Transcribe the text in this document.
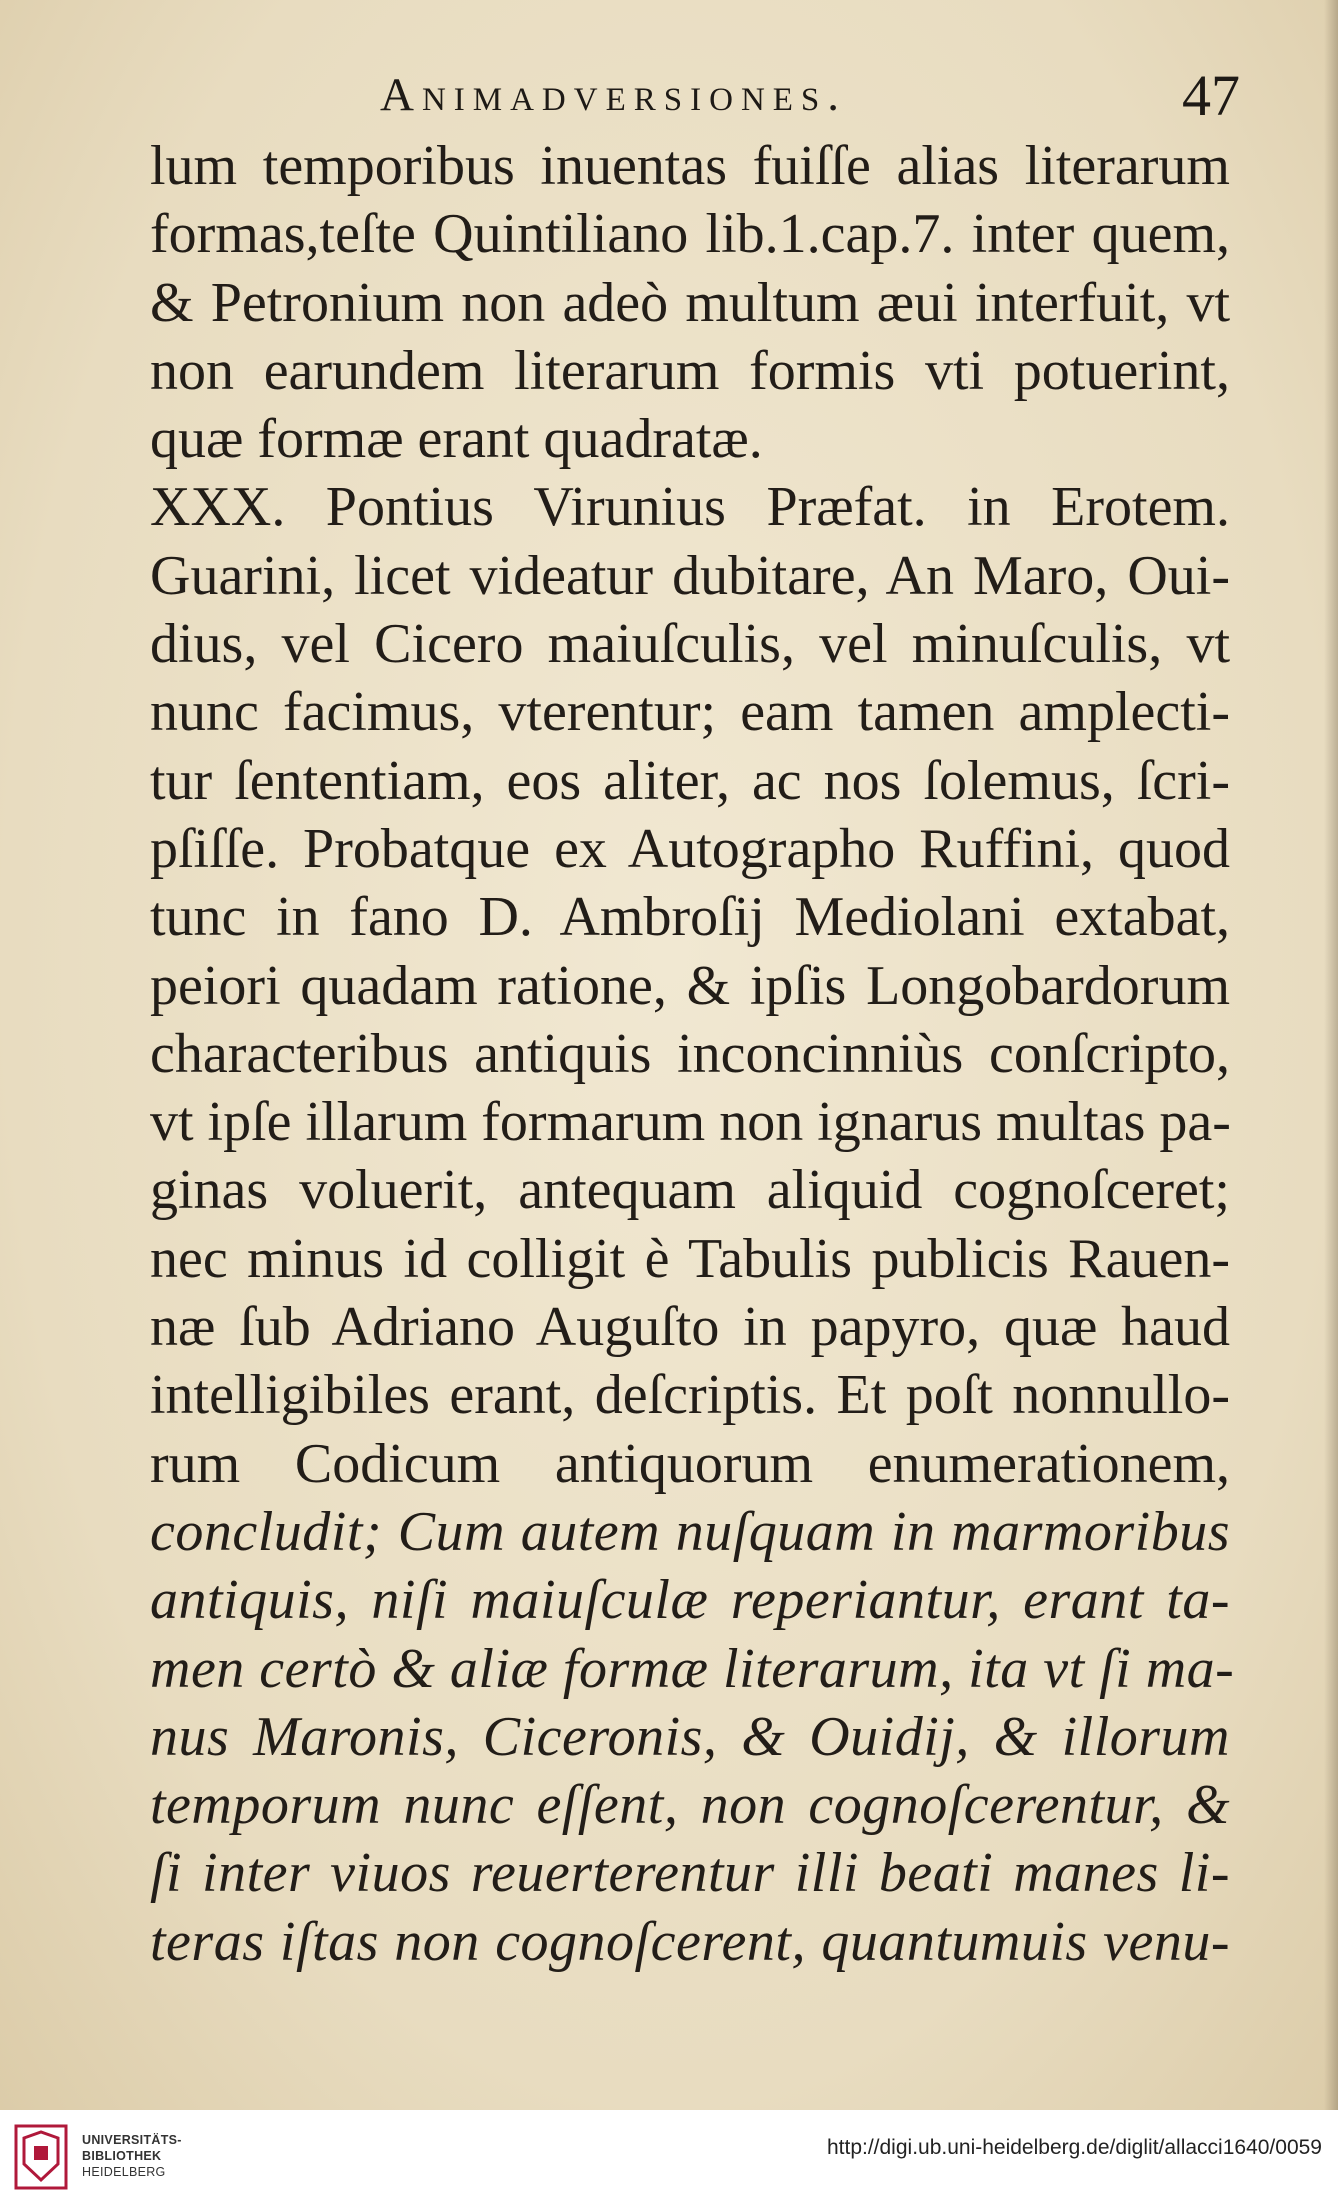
Animadversiones.	47
lum temporibus inuentas fuiſſe alias literarum
formas,teſte Quintiliano lib.1.cap.7. inter quem,
& Petronium non adeò multum æui interfuit, vt
non earundem literarum formis vti potuerint,
quæ formæ erant quadratæ.
XXX. Pontius Virunius Præfat. in Erotem.
Guarini, licet videatur dubitare, An Maro, Oui-
dius, vel Cicero maiuſculis, vel minuſculis, vt
nunc facimus, vterentur; eam tamen amplecti-
tur ſententiam, eos aliter, ac nos ſolemus, ſcri-
pſiſſe. Probatque ex Autographo Ruffini, quod
tunc in fano D. Ambroſij Mediolani extabat,
peiori quadam ratione, & ipſis Longobardorum
characteribus antiquis inconcinniùs conſcripto,
vt ipſe illarum formarum non ignarus multas pa-
ginas voluerit, antequam aliquid cognoſceret;
nec minus id colligit è Tabulis publicis Rauen-
næ ſub Adriano Auguſto in papyro, quæ haud
intelligibiles erant, deſcriptis. Et poſt nonnullo-
rum Codicum antiquorum enumerationem,
concludit; Cum autem nuſquam in marmoribus
antiquis, niſi maiuſculæ reperiantur, erant ta-
men certò & aliæ formæ literarum, ita vt ſi ma-
nus Maronis, Ciceronis, & Ouidij, & illorum
temporum nunc eſſent, non cognoſcerentur, &
ſi inter viuos reuerterentur illi beati manes li-
teras iſtas non cognoſcerent, quantumuis venu-
UNIVERSITÄTS-
BIBLIOTHEK
HEIDELBERG
http://digi.ub.uni-heidelberg.de/diglit/allacci1640/0059
